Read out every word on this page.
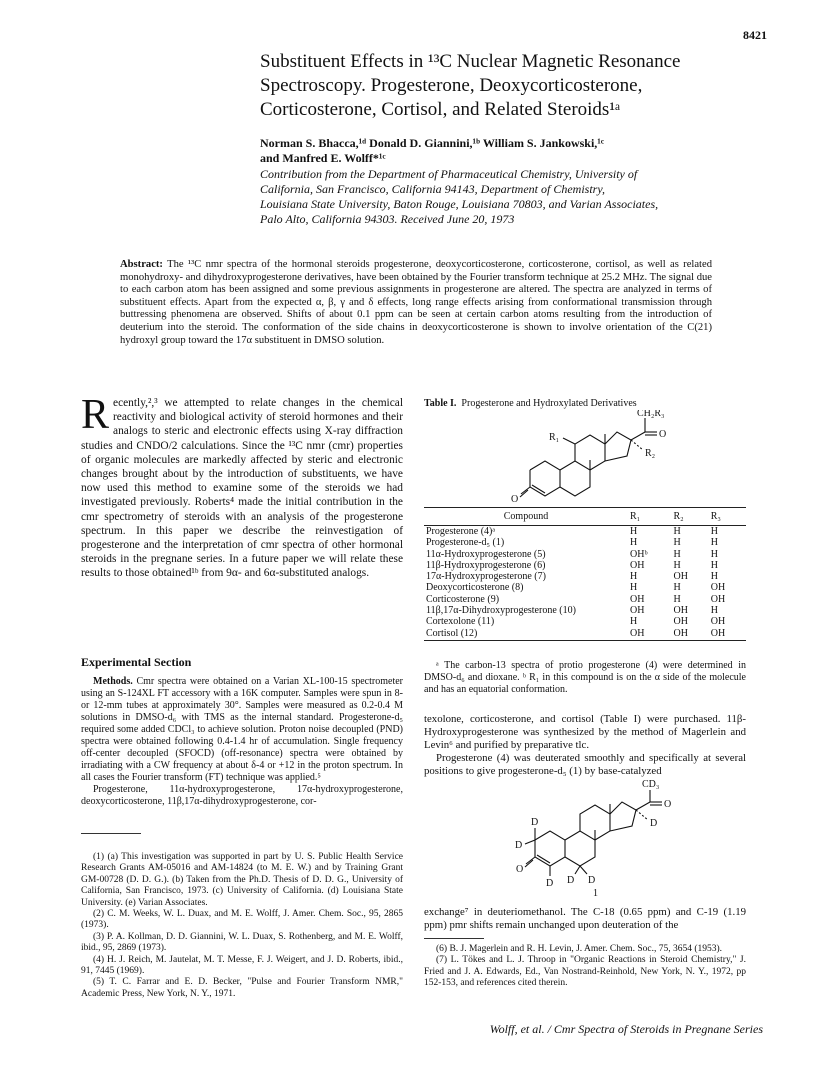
8421
Substituent Effects in ¹³C Nuclear Magnetic Resonance
Spectroscopy. Progesterone, Deoxycorticosterone,
Corticosterone, Cortisol, and Related Steroids¹ᵃ
Norman S. Bhacca,¹ᵈ Donald D. Giannini,¹ᵇ William S. Jankowski,¹ᶜ
and Manfred E. Wolff*¹ᶜ
Contribution from the Department of Pharmaceutical Chemistry, University of
California, San Francisco, California 94143, Department of Chemistry,
Louisiana State University, Baton Rouge, Louisiana 70803, and Varian Associates,
Palo Alto, California 94303. Received June 20, 1973
Abstract: The ¹³C nmr spectra of the hormonal steroids progesterone, deoxycorticosterone, corticosterone, cortisol, as well as related monohydroxy- and dihydroxyprogesterone derivatives, have been obtained by the Fourier transform technique at 25.2 MHz. The signal due to each carbon atom has been assigned and some previous assignments in progesterone are altered. The spectra are analyzed in terms of substituent effects. Apart from the expected α, β, γ and δ effects, long range effects arising from conformational transmission through buttressing phenomena are observed. Shifts of about 0.1 ppm can be seen at certain carbon atoms resulting from the introduction of deuterium into the steroid. The conformation of the side chains in deoxycorticosterone is shown to involve orientation of the C(21) hydroxyl group toward the 17α substituent in DMSO solution.
Recently,²,³ we attempted to relate changes in the chemical reactivity and biological activity of steroid hormones and their analogs to steric and electronic effects using X-ray diffraction studies and CNDO/2 calculations. Since the ¹³C nmr (cmr) properties of organic molecules are markedly affected by steric and electronic changes brought about by the introduction of substituents, we have now used this method to examine some of the steroids we had investigated previously. Roberts⁴ made the initial contribution in the cmr spectrometry of steroids with an analysis of the progesterone spectrum. In this paper we describe the reinvestigation of progesterone and the interpretation of cmr spectra of other hormonal steroids in the pregnane series. In a future paper we will relate these results to those obtained¹ᵇ from 9α- and 6α-substituted analogs.
Experimental Section

Methods. Cmr spectra were obtained on a Varian XL-100-15 spectrometer using an S-124XL FT accessory with a 16K computer. Samples were spun in 8- or 12-mm tubes at approximately 30°. Samples were measured as 0.2-0.4 M solutions in DMSO-d₆ with TMS as the internal standard. Progesterone-d₅ required some added CDCl₃ to achieve solution. Proton noise decoupled (PND) spectra were obtained following 0.4-1.4 hr of accumulation. Single frequency off-center decoupled (SFOCD) (off-resonance) spectra were obtained by irradiating with a CW frequency at about δ-4 or +12 in the proton spectrum. In all cases the Fourier transform (FT) technique was applied.⁵

Progesterone, 11α-hydroxyprogesterone, 17α-hydroxyprogesterone, deoxycorticosterone, 11β,17α-dihydroxyprogesterone, cor-

(1) (a) This investigation was supported in part by U. S. Public Health Service Research Grants AM-05016 and AM-14824 (to M. E. W.) and by Training Grant GM-00728 (D. D. G.). (b) Taken from the Ph.D. Thesis of D. D. G., University of California, San Francisco, 1973. (c) University of California. (d) Louisiana State University. (e) Varian Associates.

(2) C. M. Weeks, W. L. Duax, and M. E. Wolff, J. Amer. Chem. Soc., 95, 2865 (1973).

(3) P. A. Kollman, D. D. Giannini, W. L. Duax, S. Rothenberg, and M. E. Wolff, ibid., 95, 2869 (1973).

(4) H. J. Reich, M. Jautelat, M. T. Messe, F. J. Weigert, and J. D. Roberts, ibid., 91, 7445 (1969).

(5) T. C. Farrar and E. D. Becker, "Pulse and Fourier Transform NMR," Academic Press, New York, N. Y., 1971.

Table I. Progesterone and Hydroxylated Derivatives
CH₂R₃
O
R₂
R₁
O
Compound	R₁	R₂	R₃
Progesterone (4)ᵃ	H	H	H
Progesterone-d₅ (1)	H	H	H
11α-Hydroxyprogesterone (5)	OHᵇ	H	H
11β-Hydroxyprogesterone (6)	OH	H	H
17α-Hydroxyprogesterone (7)	H	OH	H
Deoxycorticosterone (8)	H	H	OH
Corticosterone (9)	OH	H	OH
11β,17α-Dihydroxyprogesterone (10)	OH	OH	H
Cortexolone (11)	H	OH	OH
Cortisol (12)	OH	OH	OH

ᵃ The carbon-13 spectra of protio progesterone (4) were determined in DMSO-d₆ and dioxane. ᵇ R₁ in this compound is on the α side of the molecule and has an equatorial conformation.

texolone, corticosterone, and cortisol (Table I) were purchased. 11β-Hydroxyprogesterone was synthesized by the method of Magerlein and Levin⁶ and purified by preparative tlc.

Progesterone (4) was deuterated smoothly and specifically at several positions to give progesterone-d₅ (1) by base-catalyzed

CD₃
O
D
D
D
O
D D D
1

exchange⁷ in deuteriomethanol. The C-18 (0.65 ppm) and C-19 (1.19 ppm) pmr shifts remain unchanged upon deuteration of the

(6) B. J. Magerlein and R. H. Levin, J. Amer. Chem. Soc., 75, 3654 (1953).

(7) L. Tökes and L. J. Throop in "Organic Reactions in Steroid Chemistry," J. Fried and J. A. Edwards, Ed., Van Nostrand-Reinhold, New York, N. Y., 1972, pp 152-153, and references cited therein.

Wolff, et al. / Cmr Spectra of Steroids in Pregnane Series
